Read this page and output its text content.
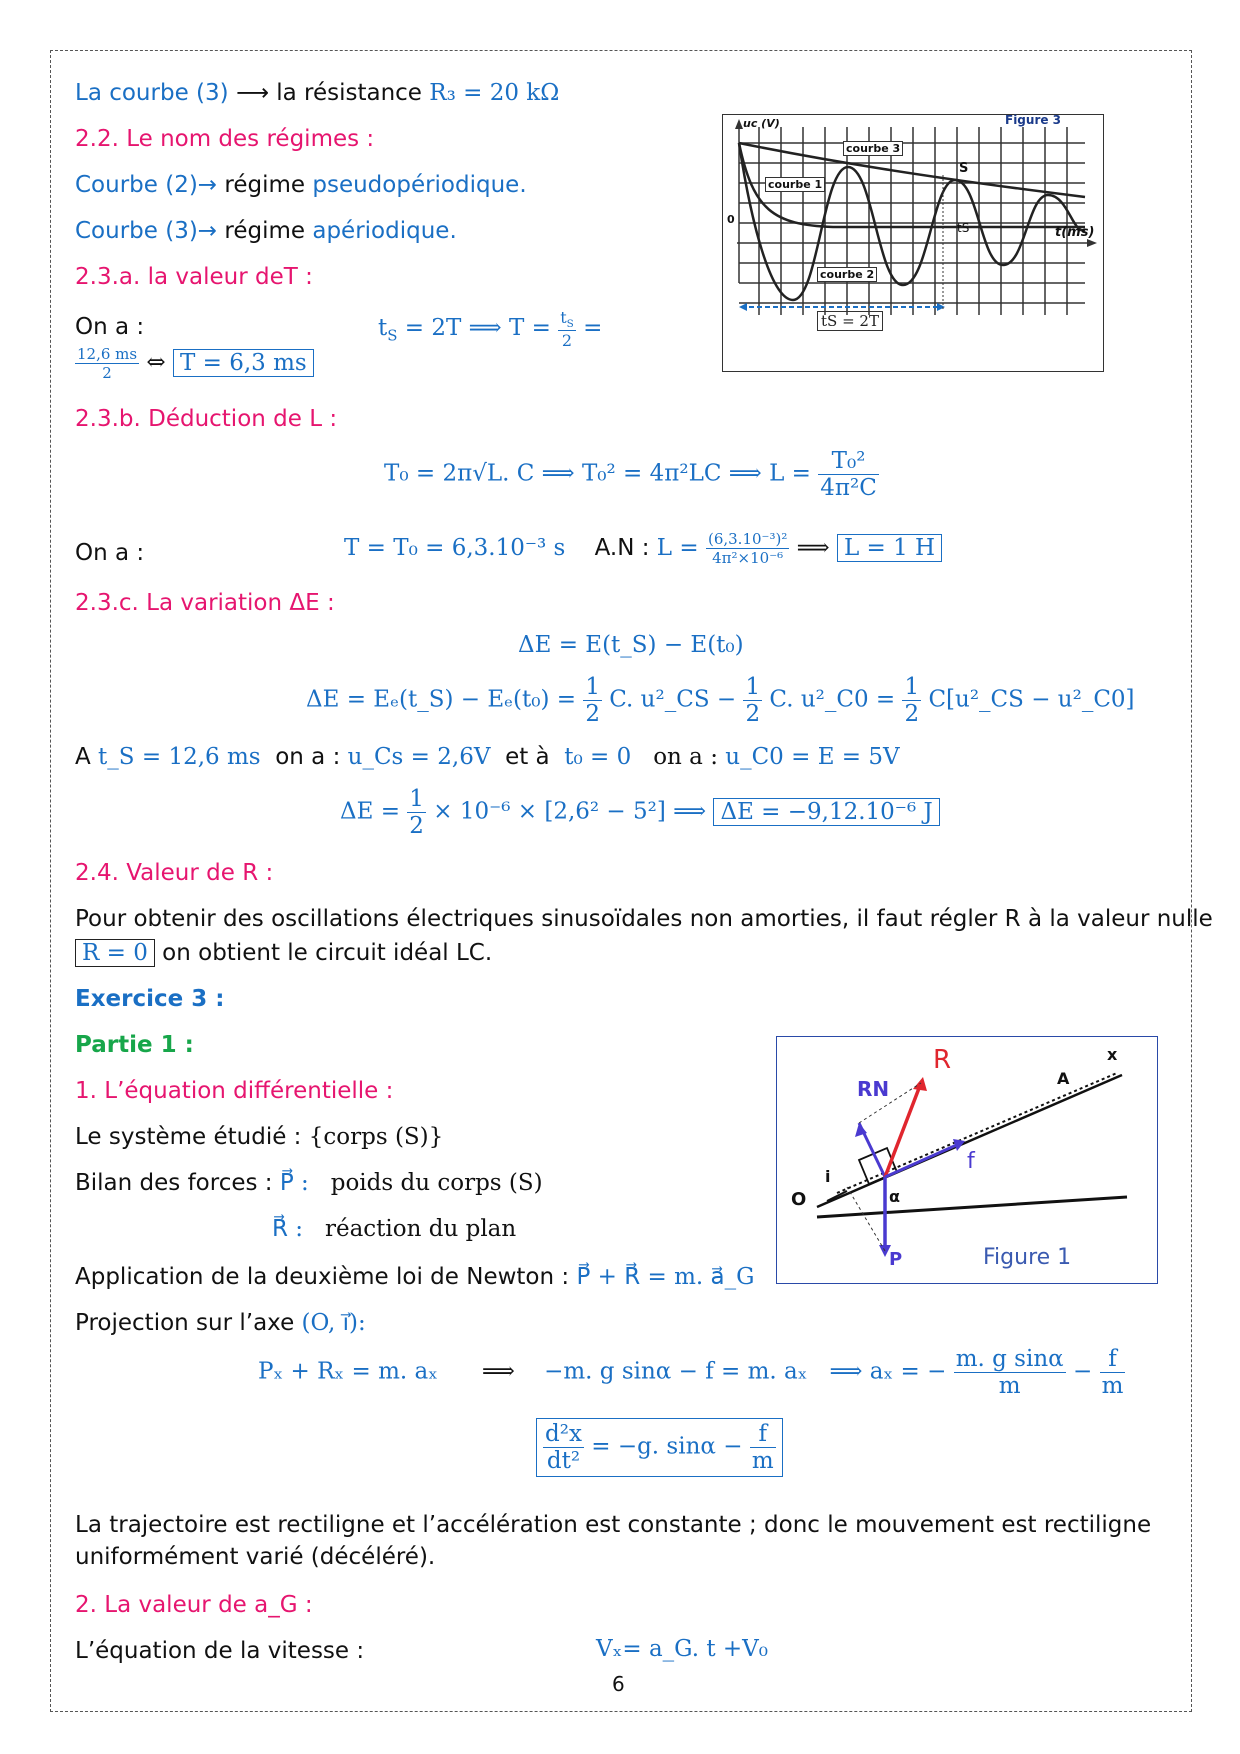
La courbe (3) ⟶ la résistance R₃ = 20 kΩ
2.2. Le nom des régimes :
Courbe (2)→ régime pseudopériodique.
Courbe (3)→ régime apériodique.
2.3.a. la valeur deT :
On a :	$t_S = 2T$ ⟹ $T = \frac{t_S}{2}$ =
$\frac{12,6 ms}{2}$ ⇔ T = 6,3 ms
2.3.b. Déduction de L :
T₀ = 2π√L. C ⟹ T₀² = 4π²LC ⟹ $L = \frac{\text{T₀²}}{\text{4π²C}}$
On a :	T = T₀ = 6,3.10⁻³ s A.N : $L = \frac{\text{(6,3.10⁻³)²}}{\text{4π²×10⁻⁶}}$ ⟹ L = 1 H
2.3.c. La variation ΔE :
ΔE = E(t_S) − E(t₀)
ΔE = Eₑ(t_S) − $E_e(t_0) = \frac{1}{2} C$. u²_CS − $\frac{1}{2} C$. u²_C0 = $\frac{1}{2}$ C[u²_CS − u²_C0]
A t_S = 12,6 ms on a : u_Cs = 2,6V et à t₀ = 0 on a : u_C0 = E = 5V
$\Delta E = \frac{1}{2} \times 10^{-6} \times [2,6^2 - 5^2]$ ⟹ ΔE = −9,12.10⁻⁶ J
2.4. Valeur de R :
Pour obtenir des oscillations électriques sinusoïdales non amorties, il faut régler R à la valeur nulle
R = 0 on obtient le circuit idéal LC.
Exercice 3 :
Partie 1 :
1. L’équation différentielle :
Le système étudié : {corps (S)}
Bilan des forces : P⃗ : poids du corps (S)
R⃗ : réaction du plan
Application de la deuxième loi de Newton : P⃗ + R⃗ = m. a⃗_G
Projection sur l’axe (O, ı⃗):
Pₓ + Rₓ = m. aₓ ⟹ −m. g sinα − f = m. aₓ ⟹ aₓ = − $\frac{\text{m. g sinα}}{m} - \frac{f}{m}$
$\frac{\text{d²x}}{\text{dt²}} = -g$. $\sin\alpha - \frac{f}{m}$
La trajectoire est rectiligne et l’accélération est constante ; donc le mouvement est rectiligne
uniformément varié (décéléré).
2. La valeur de a_G :
L’équation de la vitesse :	Vₓ= a_G. t +V₀
6
Figure 3
uc (V)
t(ms)
0
courbe 1
courbe 3
courbe 2
S
tS
tS = 2T
R
RN
f
P
A
x
O
i
α
Figure 1
